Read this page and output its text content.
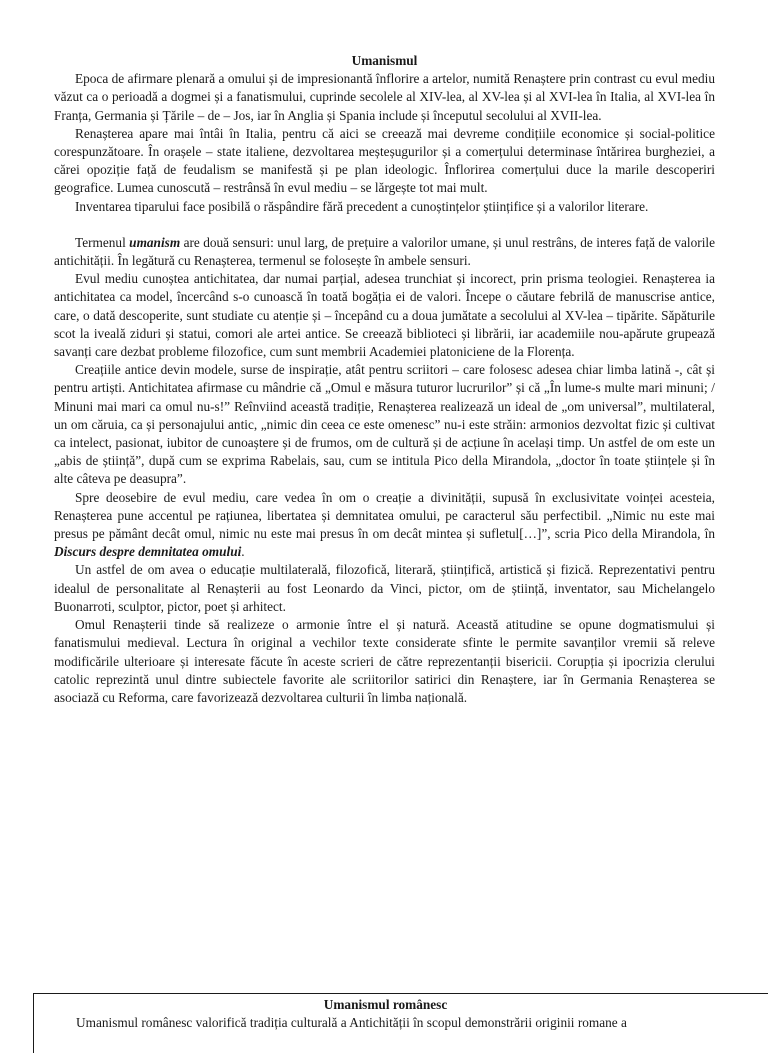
Umanismul

Epoca de afirmare plenară a omului și de impresionantă înflorire a artelor, numită Renaștere prin contrast cu evul mediu văzut ca o perioadă a dogmei și a fanatismului, cuprinde secolele al XIV-lea, al XV-lea și al XVI-lea în Italia, al XVI-lea în Franța, Germania și Țările – de – Jos, iar în Anglia și Spania include și începutul secolului al XVII-lea.

Renașterea apare mai întâi în Italia, pentru că aici se creează mai devreme condițiile economice și social-politice corespunzătoare. În orașele – state italiene, dezvoltarea meșteșugurilor și a comerțului determinase întărirea burgheziei, a cărei opoziție față de feudalism se manifestă și pe plan ideologic. Înflorirea comerțului duce la marile descoperiri geografice. Lumea cunoscută – restrânsă în evul mediu – se lărgește tot mai mult.

Inventarea tiparului face posibilă o răspândire fără precedent a cunoștințelor științifice și a valorilor literare.

Termenul umanism are două sensuri: unul larg, de prețuire a valorilor umane, și unul restrâns, de interes față de valorile antichității. În legătură cu Renașterea, termenul se folosește în ambele sensuri.

Evul mediu cunoștea antichitatea, dar numai parțial, adesea trunchiat și incorect, prin prisma teologiei. Renașterea ia antichitatea ca model, încercând s-o cunoască în toată bogăția ei de valori. Începe o căutare febrilă de manuscrise antice, care, o dată descoperite, sunt studiate cu atenție și – începând cu a doua jumătate a secolului al XV-lea – tipărite. Săpăturile scot la iveală ziduri și statui, comori ale artei antice. Se creează biblioteci și librării, iar academiile nou-apărute grupează savanți care dezbat probleme filozofice, cum sunt membrii Academiei platoniciene de la Florența.

Creațiile antice devin modele, surse de inspirație, atât pentru scriitori – care folosesc adesea chiar limba latină -, cât și pentru artiști. Antichitatea afirmase cu mândrie că „Omul e măsura tuturor lucrurilor” și că „În lume-s multe mari minuni; / Minuni mai mari ca omul nu-s!” Reînviind această tradiție, Renașterea realizează un ideal de „om universal”, multilateral, un om căruia, ca și personajului antic, „nimic din ceea ce este omenesc” nu-i este străin: armonios dezvoltat fizic și cultivat ca intelect, pasionat, iubitor de cunoaștere și de frumos, om de cultură și de acțiune în același timp. Un astfel de om este un „abis de știință”, după cum se exprima Rabelais, sau, cum se intitula Pico della Mirandola, „doctor în toate științele și în alte câteva pe deasupra”.

Spre deosebire de evul mediu, care vedea în om o creație a divinității, supusă în exclusivitate voinței acesteia, Renașterea pune accentul pe rațiunea, libertatea și demnitatea omului, pe caracterul său perfectibil. „Nimic nu este mai presus pe pământ decât omul, nimic nu este mai presus în om decât mintea și sufletul[…]”, scria Pico della Mirandola, în Discurs despre demnitatea omului.

Un astfel de om avea o educație multilaterală, filozofică, literară, științifică, artistică și fizică. Reprezentativi pentru idealul de personalitate al Renașterii au fost Leonardo da Vinci, pictor, om de știință, inventator, sau Michelangelo Buonarroti, sculptor, pictor, poet și arhitect.

Omul Renașterii tinde să realizeze o armonie între el și natură. Această atitudine se opune dogmatismului și fanatismului medieval. Lectura în original a vechilor texte considerate sfinte le permite savanților vremii să releve modificările ulterioare și interesate făcute în aceste scrieri de către reprezentanții bisericii. Corupția și ipocrizia clerului catolic reprezintă unul dintre subiectele favorite ale scriitorilor satirici din Renaștere, iar în Germania Renașterea se asociază cu Reforma, care favorizează dezvoltarea culturii în limba națională.

Umanismul românesc

Umanismul românesc valorifică tradiția culturală a Antichității în scopul demonstrării originii romane a
